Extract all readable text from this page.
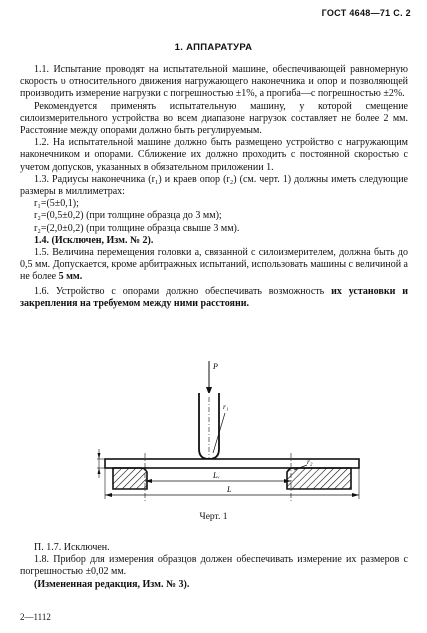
ГОСТ 4648—71 С. 2
1. АППАРАТУРА

1.1. Испытание проводят на испытательной машине, обеспечивающей равномерную скорость υ относительного движения нагружающего наконечника и опор и позволяющей производить измерение нагрузки с погрешностью ±1%, а прогиба—с погрешностью ±2%.

Рекомендуется применять испытательную машину, у которой смещение силоизмерительного устройства во всем диапазоне нагрузок составляет не более 2 мм. Расстояние между опорами должно быть регулируемым.

1.2. На испытательной машине должно быть размещено устройство с нагружающим наконечником и опорами. Сближение их должно проходить с постоянной скоростью с учетом допусков, указанных в обязательном приложении 1.

1.3. Радиусы наконечника (r₁) и краев опор (r₂) (см. черт. 1) должны иметь следующие размеры в миллиметрах:

r₁=(5±0,1);

r₂=(0,5±0,2) (при толщине образца до 3 мм);

r₂=(2,0±0,2) (при толщине образца свыше 3 мм).

1.4. (Исключен, Изм. № 2).

1.5. Величина перемещения головки а, связанной с силоизмерителем, должна быть до 0,5 мм. Допускается, кроме арбитражных испытаний, использовать машины с величиной а не более 5 мм.

1.6. Устройство с опорами должно обеспечивать возможность их установки и закрепления на требуемом между ними расстояни.

P
r₁
r₂
Lᵥ
L
Черт. 1

П. 1.7. Исключен.

1.8. Прибор для измерения образцов должен обеспечивать измерение их размеров с погрешностью ±0,02 мм.

(Измененная редакция, Изм. № 3).

2—1112
